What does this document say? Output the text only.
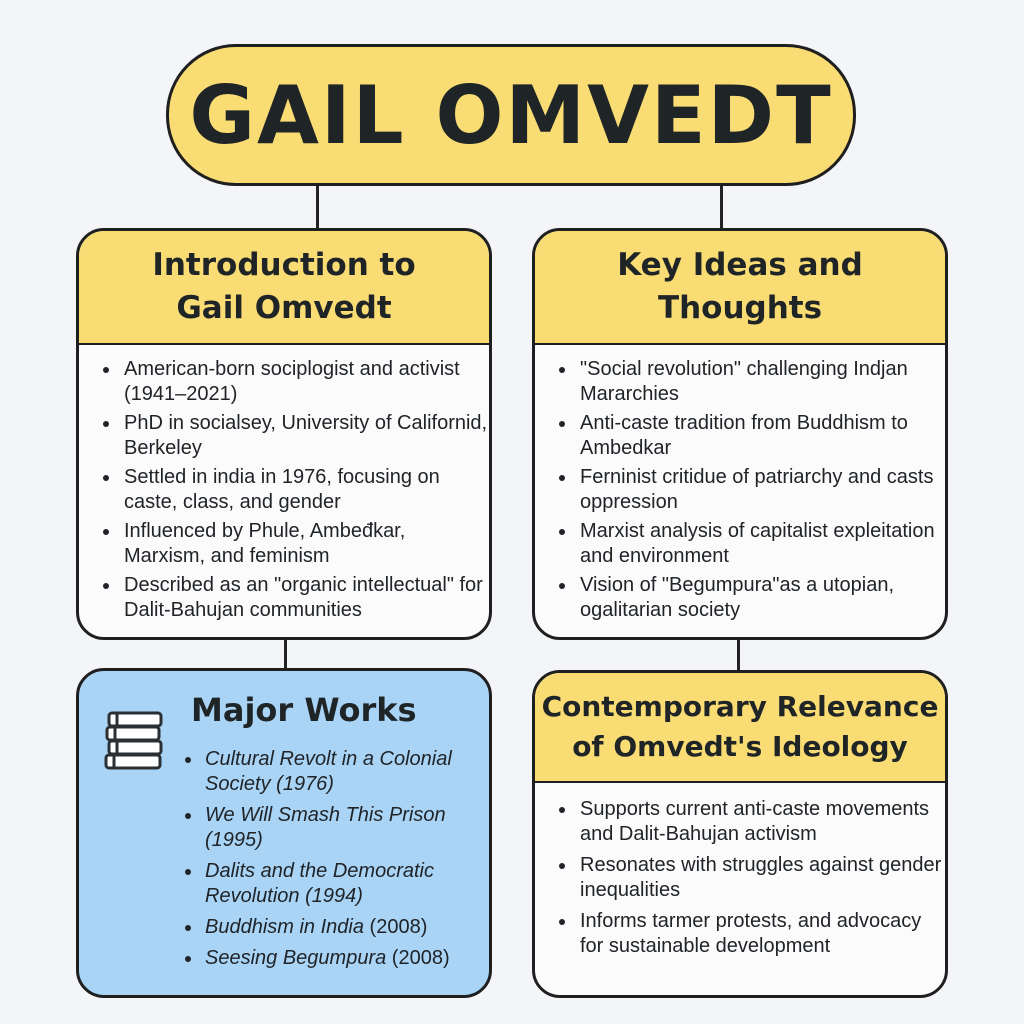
GAIL OMVEDT
Introduction to
Gail Omvedt
American-born sociplogist and activist (1941–2021)
PhD in socialsey, University of Californid, Berkeley
Settled in india in 1976, focusing on caste, class, and gender
Influenced by Phule, Ambeđkar, Marxism, and feminism
Described as an "organic intellectual" for Dalit-Bahujan communities
Key Ideas and
Thoughts
"Social revolution" challenging Indjan Mararchies
Anti-caste tradition from Buddhism to Ambedkar
Ferninist critidue of patriarchy and casts oppression
Marxist analysis of capitalist expleitation and environment
Vision of "Begumpura"as a utopian, ogalitarian society
Major Works
Cultural Revolt in a Colonial Society (1976)
We Will Smash This Prison (1995)
Dalits and the Democratic Revolution (1994)
Buddhism in India (2008)
Seesing Begumpura (2008)
Contemporary Relevance
of Omvedt's Ideology
Supports current anti-caste movements and Dalit-Bahujan activism
Resonates with struggles against gender inequalities
Informs tarmer protests, and advocacy for sustainable development
